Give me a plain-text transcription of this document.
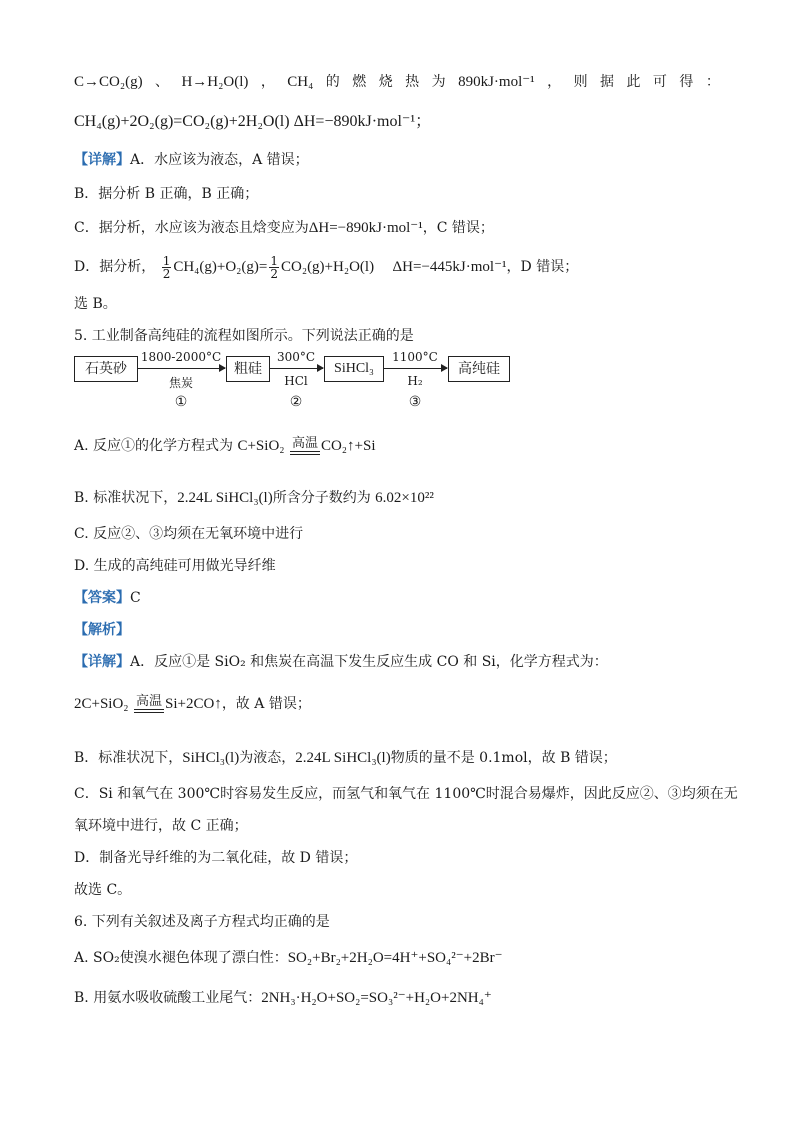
C→CO₂(g) 、 H→H₂O(l) ， CH₄ 的 燃 烧 热 为 890kJ·mol⁻¹ ， 则 据 此 可 得 ：
CH₄(g)+2O₂(g)=CO₂(g)+2H₂O(l) ΔH=−890kJ·mol⁻¹；
【详解】A．水应该为液态，A 错误；
B．据分析 B 正确，B 正确；
C．据分析，水应该为液态且焓变应为ΔH=−890kJ·mol⁻¹，C 错误；
D．据分析， $\frac{1}{2} CH_4(g)+O_2(g)= \frac{1}{2} CO_2(g)+H_2O(l)$ ΔH=−445kJ·mol⁻¹，D 错误；
选 B。
5. 工业制备高纯硅的流程如图所示。下列说法正确的是
石英砂	粗硅	SiHCl₃	高纯硅
1800-2000°C	300°C	1100°C
焦炭	HCl	H₂
①	②	③
A. 反应①的化学方程式为 C+SiO₂ 高温 CO₂↑+Si
B. 标准状况下，2.24L SiHCl₃(l)所含分子数约为 6.02×10²²
C. 反应②、③均须在无氧环境中进行
D. 生成的高纯硅可用做光导纤维
【答案】C
【解析】
【详解】A．反应①是 SiO₂ 和焦炭在高温下发生反应生成 CO 和 Si，化学方程式为：
2C+SiO₂ 高温 Si+2CO↑，故 A 错误；
B．标准状况下，SiHCl₃(l)为液态，2.24L SiHCl₃(l)物质的量不是 0.1mol，故 B 错误；
C．Si 和氧气在 300℃时容易发生反应，而氢气和氧气在 1100℃时混合易爆炸，因此反应②、③均须在无
氧环境中进行，故 C 正确；
D．制备光导纤维的为二氧化硅，故 D 错误；
故选 C。
6. 下列有关叙述及离子方程式均正确的是
A. SO₂使溴水褪色体现了漂白性：SO₂+Br₂+2H₂O=4H⁺+SO₄²⁻+2Br⁻
B. 用氨水吸收硫酸工业尾气：2NH₃·H₂O+SO₂=SO₃²⁻+H₂O+2NH₄⁺
